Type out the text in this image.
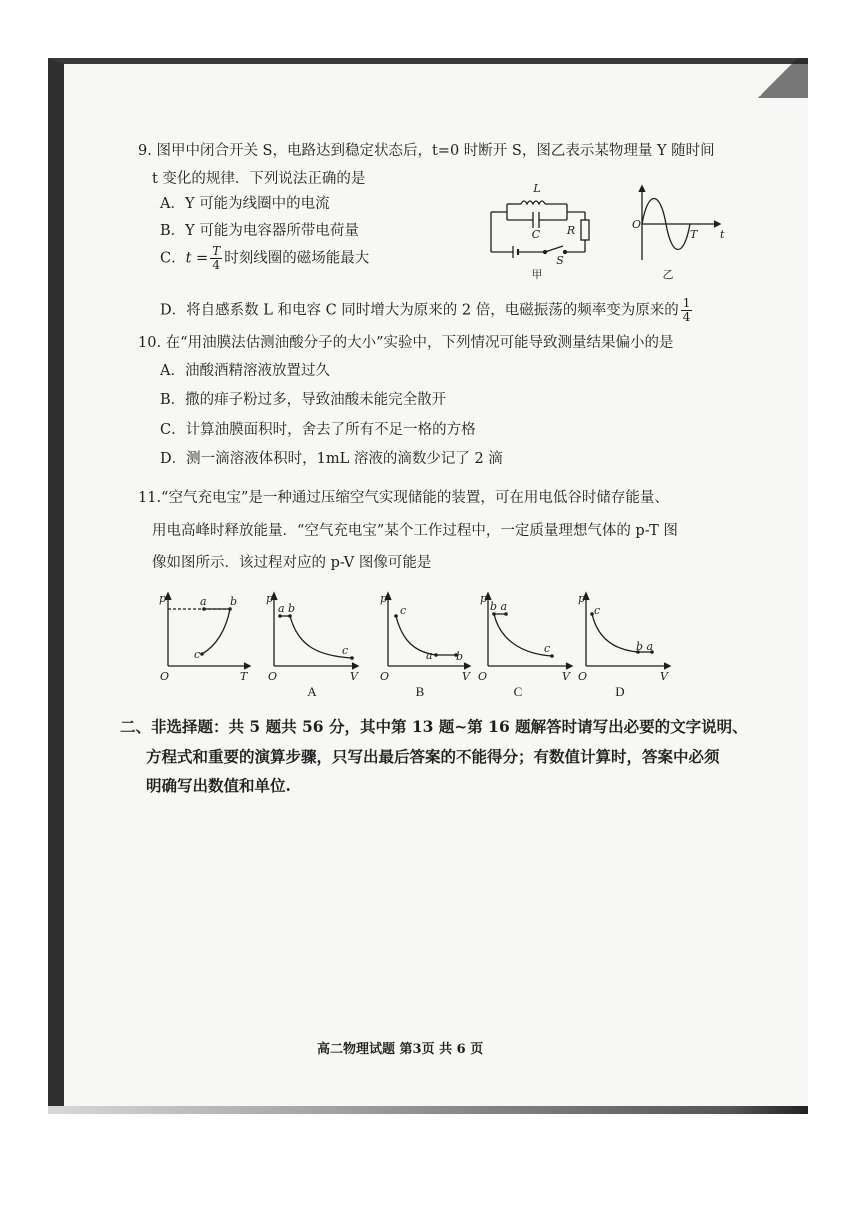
9. 图甲中闭合开关 S，电路达到稳定状态后，t=0 时断开 S，图乙表示某物理量 Y 随时间
t 变化的规律．下列说法正确的是
A．Y 可能为线圈中的电流
B．Y 可能为电容器所带电荷量
C．$t = \frac{T}{4}$ 时刻线圈的磁场能最大
D．将自感系数 L 和电容 C 同时增大为原来的 2 倍，电磁振荡的频率变为原来的 $\frac{1}{4}$
L
C R
S
甲
O
T t
乙
10. 在“用油膜法估测油酸分子的大小”实验中，下列情况可能导致测量结果偏小的是
A．油酸酒精溶液放置过久
B．撒的痱子粉过多，导致油酸未能完全散开
C．计算油膜面积时，舍去了所有不足一格的方格
D．测一滴溶液体积时，1mL 溶液的滴数少记了 2 滴
11.“空气充电宝”是一种通过压缩空气实现储能的装置，可在用电低谷时储存能量、
用电高峰时释放能量．“空气充电宝”某个工作过程中，一定质量理想气体的 p-T 图
像如图所示．该过程对应的 p-V 图像可能是
p
T
O
a b
c
p
V
O
a b
c
A
p
V
O
c
a b
B
p
V
O
b a
c
C
p
V
O
c
b a
D
二、非选择题：共 5 题共 56 分，其中第 13 题~第 16 题解答时请写出必要的文字说明、
方程式和重要的演算步骤，只写出最后答案的不能得分；有数值计算时，答案中必须
明确写出数值和单位.
高二物理试题 第3页 共 6 页
